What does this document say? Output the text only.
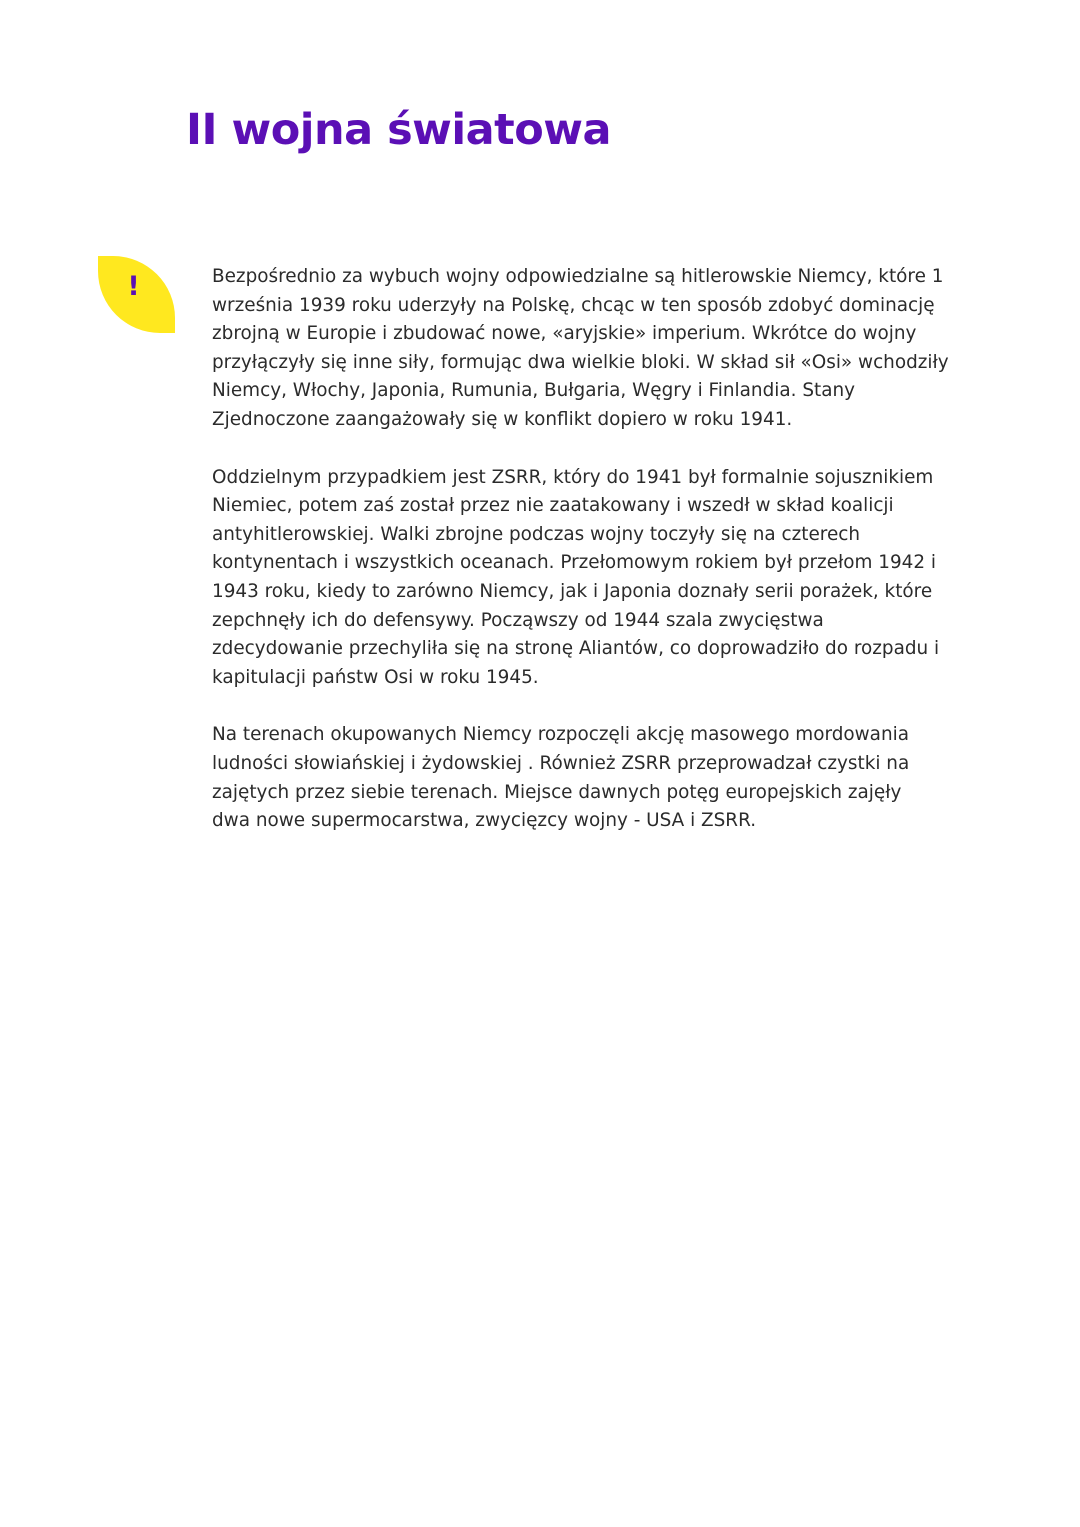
II wojna światowa
!	Bezpośrednio za wybuch wojny odpowiedzialne są hitlerowskie Niemcy, które 1
września 1939 roku uderzyły na Polskę, chcąc w ten sposób zdobyć dominację
zbrojną w Europie i zbudować nowe, «aryjskie» imperium. Wkrótce do wojny
przyłączyły się inne siły, formując dwa wielkie bloki. W skład sił «Osi» wchodziły
Niemcy, Włochy, Japonia, Rumunia, Bułgaria, Węgry i Finlandia. Stany
Zjednoczone zaangażowały się w konflikt dopiero w roku 1941.

Oddzielnym przypadkiem jest ZSRR, który do 1941 był formalnie sojusznikiem
Niemiec, potem zaś został przez nie zaatakowany i wszedł w skład koalicji
antyhitlerowskiej. Walki zbrojne podczas wojny toczyły się na czterech
kontynentach i wszystkich oceanach. Przełomowym rokiem był przełom 1942 i
1943 roku, kiedy to zarówno Niemcy, jak i Japonia doznały serii porażek, które
zepchnęły ich do defensywy. Począwszy od 1944 szala zwycięstwa
zdecydowanie przechyliła się na stronę Aliantów, co doprowadziło do rozpadu i
kapitulacji państw Osi w roku 1945.

Na terenach okupowanych Niemcy rozpoczęli akcję masowego mordowania
ludności słowiańskiej i żydowskiej . Również ZSRR przeprowadzał czystki na
zajętych przez siebie terenach. Miejsce dawnych potęg europejskich zajęły
dwa nowe supermocarstwa, zwycięzcy wojny - USA i ZSRR.
